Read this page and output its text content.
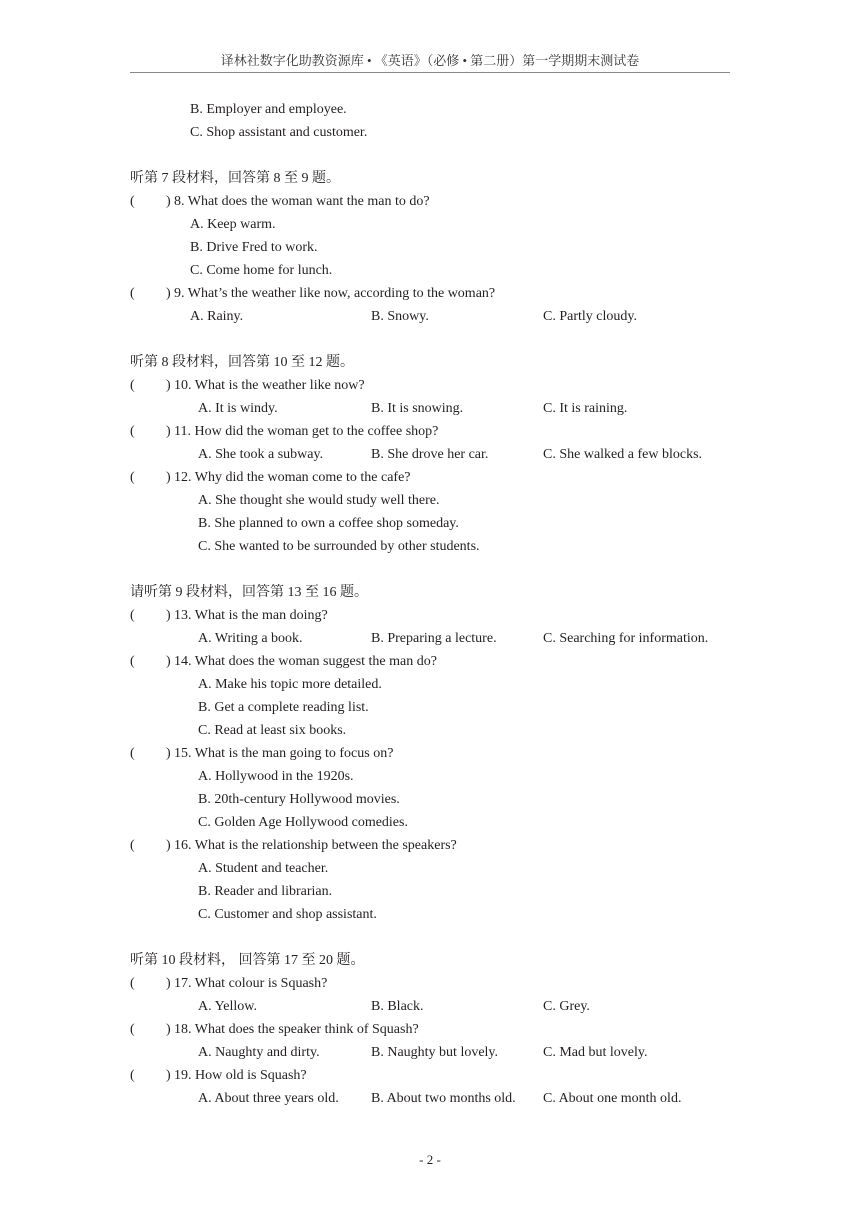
译林社数字化助教资源库 • 《英语》（必修 • 第二册）第一学期期末测试卷
B. Employer and employee.
C. Shop assistant and customer.
听第 7 段材料，回答第 8 至 9 题。
( ) 8. What does the woman want the man to do?
A. Keep warm.
B. Drive Fred to work.
C. Come home for lunch.
( ) 9. What’s the weather like now, according to the woman?
A. Rainy.	B. Snowy.	C. Partly cloudy.
听第 8 段材料，回答第 10 至 12 题。
( ) 10. What is the weather like now?
A. It is windy.	B. It is snowing.	C. It is raining.
( ) 11. How did the woman get to the coffee shop?
A. She took a subway.	B. She drove her car.	C. She walked a few blocks.
( ) 12. Why did the woman come to the cafe?
A. She thought she would study well there.
B. She planned to own a coffee shop someday.
C. She wanted to be surrounded by other students.
请听第 9 段材料，回答第 13 至 16 题。
( ) 13. What is the man doing?
A. Writing a book.	B. Preparing a lecture.	C. Searching for information.
( ) 14. What does the woman suggest the man do?
A. Make his topic more detailed.
B. Get a complete reading list.
C. Read at least six books.
( ) 15. What is the man going to focus on?
A. Hollywood in the 1920s.
B. 20th-century Hollywood movies.
C. Golden Age Hollywood comedies.
( ) 16. What is the relationship between the speakers?
A. Student and teacher.
B. Reader and librarian.
C. Customer and shop assistant.
听第 10 段材料， 回答第 17 至 20 题。
( ) 17. What colour is Squash?
A. Yellow.	B. Black.	C. Grey.
( ) 18. What does the speaker think of Squash?
A. Naughty and dirty.	B. Naughty but lovely.	C. Mad but lovely.
( ) 19. How old is Squash?
A. About three years old. B. About two months old. C. About one month old.
- 2 -
